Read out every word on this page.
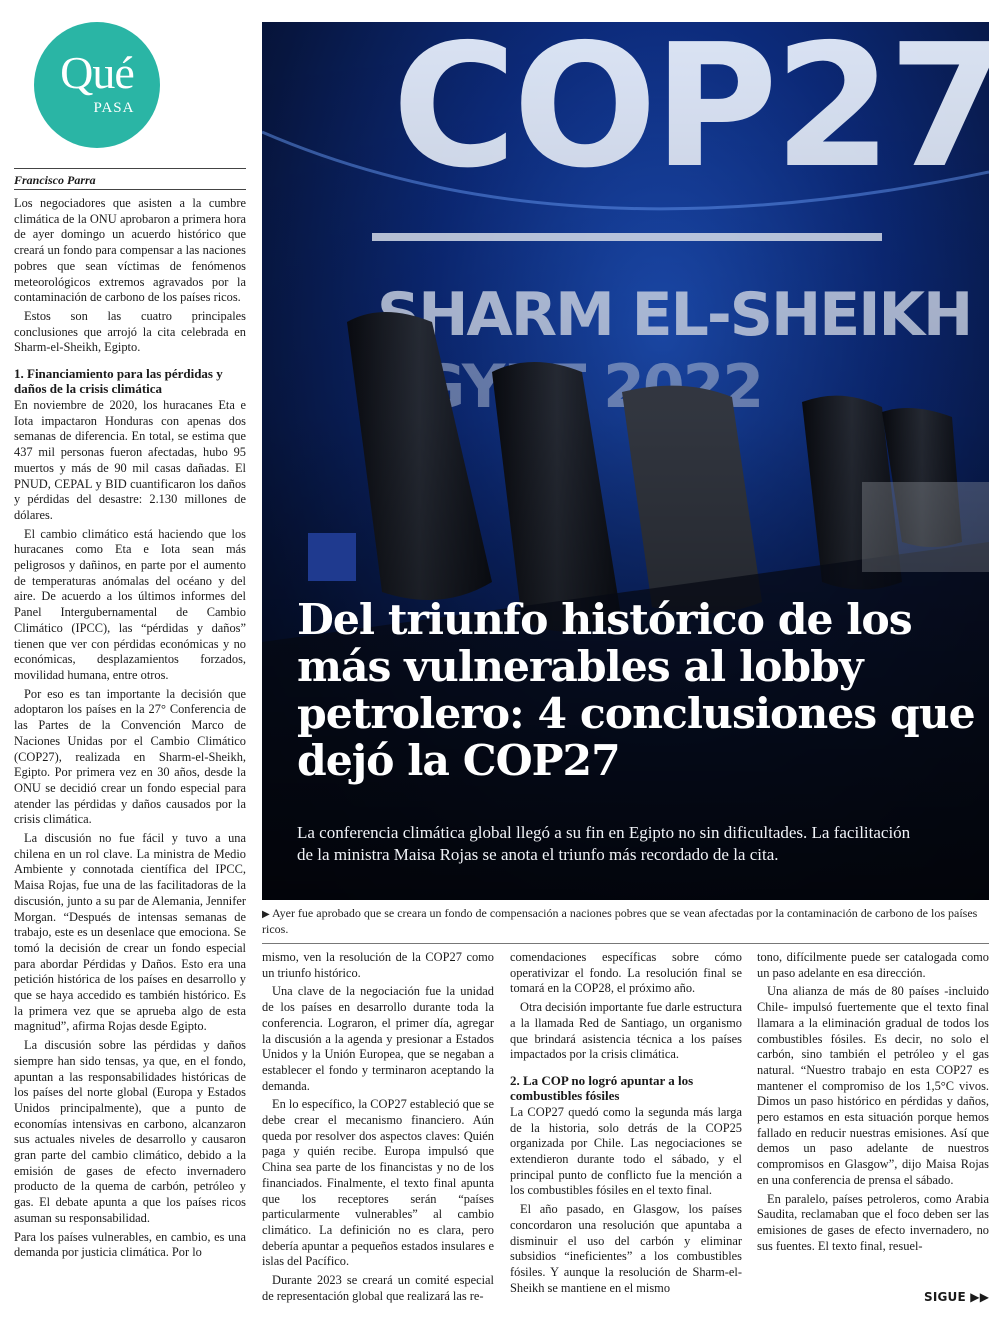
Qué
PASA
Francisco Parra

Los negociadores que asisten a la cumbre climática de la ONU aprobaron a primera hora de ayer domingo un acuerdo histórico que creará un fondo para compensar a las naciones pobres que sean víctimas de fenómenos meteorológicos extremos agravados por la contaminación de carbono de los países ricos.

Estos son las cuatro principales conclusiones que arrojó la cita celebrada en Sharm-el-Sheikh, Egipto.

1. Financiamiento para las pérdidas y daños de la crisis climática

En noviembre de 2020, los huracanes Eta e Iota impactaron Honduras con apenas dos semanas de diferencia. En total, se estima que 437 mil personas fueron afectadas, hubo 95 muertos y más de 90 mil casas dañadas. El PNUD, CEPAL y BID cuantificaron los daños y pérdidas del desastre: 2.130 millones de dólares.

El cambio climático está haciendo que los huracanes como Eta e Iota sean más peligrosos y dañinos, en parte por el aumento de temperaturas anómalas del océano y del aire. De acuerdo a los últimos informes del Panel Intergubernamental de Cambio Climático (IPCC), las “pérdidas y daños” tienen que ver con pérdidas económicas y no económicas, desplazamientos forzados, movilidad humana, entre otros.

Por eso es tan importante la decisión que adoptaron los países en la 27° Conferencia de las Partes de la Convención Marco de Naciones Unidas por el Cambio Climático (COP27), realizada en Sharm-el-Sheikh, Egipto. Por primera vez en 30 años, desde la ONU se decidió crear un fondo especial para atender las pérdidas y daños causados por la crisis climática.

La discusión no fue fácil y tuvo a una chilena en un rol clave. La ministra de Medio Ambiente y connotada científica del IPCC, Maisa Rojas, fue una de las facilitadoras de la discusión, junto a su par de Alemania, Jennifer Morgan. “Después de intensas semanas de trabajo, este es un desenlace que emociona. Se tomó la decisión de crear un fondo especial para abordar Pérdidas y Daños. Esto era una petición histórica de los países en desarrollo y que se haya accedido es también histórico. Es la primera vez que se aprueba algo de esta magnitud”, afirma Rojas desde Egipto.

La discusión sobre las pérdidas y daños siempre han sido tensas, ya que, en el fondo, apuntan a las responsabilidades históricas de los países del norte global (Europa y Estados Unidos principalmente), que a punto de economías intensivas en carbono, alcanzaron sus actuales niveles de desarrollo y causaron gran parte del cambio climático, debido a la emisión de gases de efecto invernadero producto de la quema de carbón, petróleo y gas. El debate apunta a que los países ricos asuman su responsabilidad.

Para los países vulnerables, en cambio, es una demanda por justicia climática. Por lo

Del triunfo histórico de los más vulnerables al lobby petrolero: 4 conclusiones que dejó la COP27

La conferencia climática global llegó a su fin en Egipto no sin dificultades. La facilitación de la ministra Maisa Rojas se anota el triunfo más recordado de la cita.

▶ Ayer fue aprobado que se creara un fondo de compensación a naciones pobres que se vean afectadas por la contaminación de carbono de los países ricos.

mismo, ven la resolución de la COP27 como un triunfo histórico.

Una clave de la negociación fue la unidad de los países en desarrollo durante toda la conferencia. Lograron, el primer día, agregar la discusión a la agenda y presionar a Estados Unidos y la Unión Europea, que se negaban a establecer el fondo y terminaron aceptando la demanda.

En lo específico, la COP27 estableció que se debe crear el mecanismo financiero. Aún queda por resolver dos aspectos claves: Quién paga y quién recibe. Europa impulsó que China sea parte de los financistas y no de los financiados. Finalmente, el texto final apunta que los receptores serán “países particularmente vulnerables” al cambio climático. La definición no es clara, pero debería apuntar a pequeños estados insulares e islas del Pacífico.

Durante 2023 se creará un comité especial de representación global que realizará las re-

comendaciones específicas sobre cómo operativizar el fondo. La resolución final se tomará en la COP28, el próximo año.

Otra decisión importante fue darle estructura a la llamada Red de Santiago, un organismo que brindará asistencia técnica a los países impactados por la crisis climática.

2. La COP no logró apuntar a los combustibles fósiles

La COP27 quedó como la segunda más larga de la historia, solo detrás de la COP25 organizada por Chile. Las negociaciones se extendieron durante todo el sábado, y el principal punto de conflicto fue la mención a los combustibles fósiles en el texto final.

El año pasado, en Glasgow, los países concordaron una resolución que apuntaba a disminuir el uso del carbón y eliminar subsidios “ineficientes” a los combustibles fósiles. Y aunque la resolución de Sharm-el-Sheikh se mantiene en el mismo

tono, difícilmente puede ser catalogada como un paso adelante en esa dirección.

Una alianza de más de 80 países -incluido Chile- impulsó fuertemente que el texto final llamara a la eliminación gradual de todos los combustibles fósiles. Es decir, no solo el carbón, sino también el petróleo y el gas natural. “Nuestro trabajo en esta COP27 es mantener el compromiso de los 1,5°C vivos. Dimos un paso histórico en pérdidas y daños, pero estamos en esta situación porque hemos fallado en reducir nuestras emisiones. Así que demos un paso adelante de nuestros compromisos en Glasgow”, dijo Maisa Rojas en una conferencia de prensa el sábado.

En paralelo, países petroleros, como Arabia Saudita, reclamaban que el foco deben ser las emisiones de gases de efecto invernadero, no sus fuentes. El texto final, resuel-

SIGUE ▶▶
